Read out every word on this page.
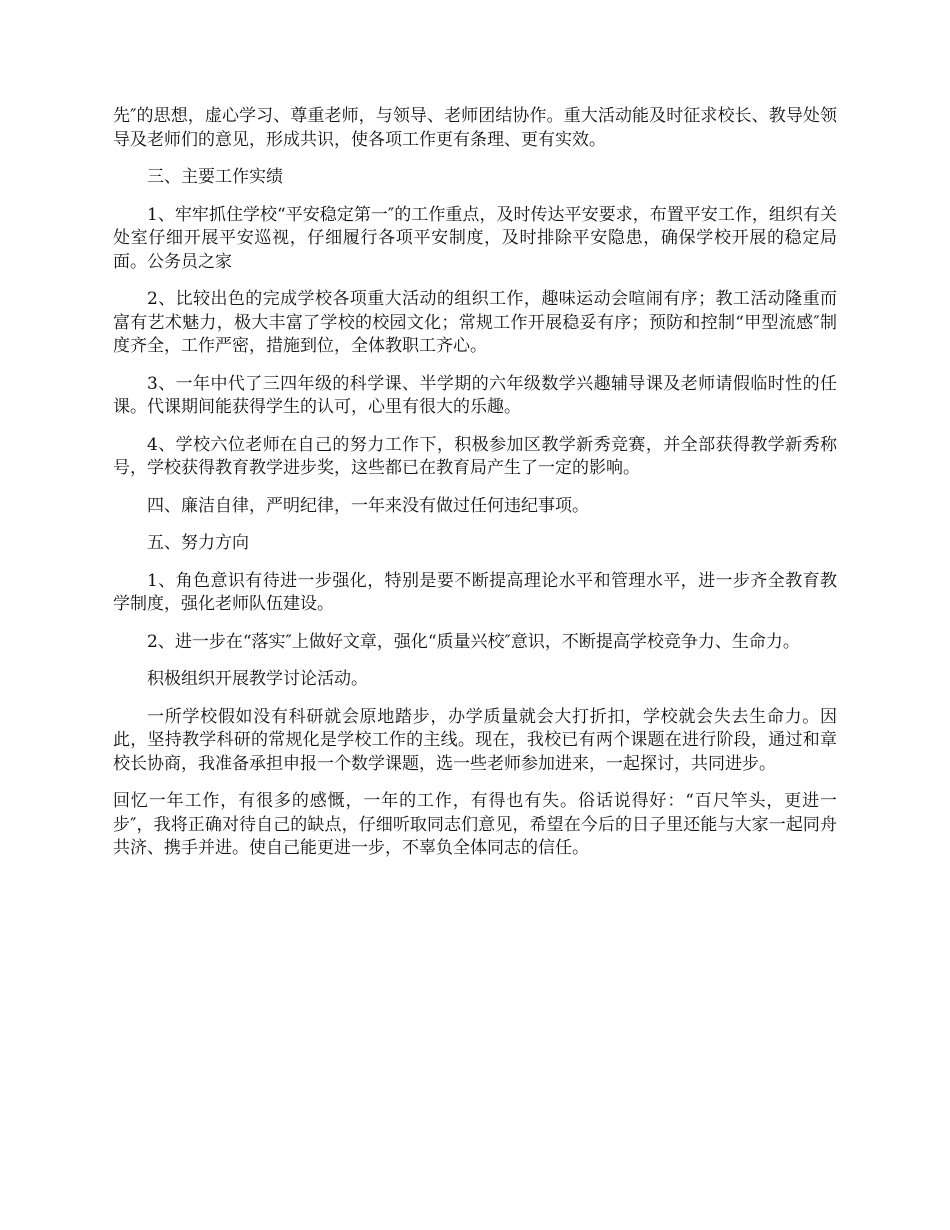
先″的思想，虚心学习、尊重老师，与领导、老师团结协作。重大活动能及时征求校长、教导处领导及老师们的意见，形成共识，使各项工作更有条理、更有实效。

三、主要工作实绩

1、牢牢抓住学校“平安稳定第一″的工作重点，及时传达平安要求，布置平安工作，组织有关处室仔细开展平安巡视，仔细履行各项平安制度，及时排除平安隐患，确保学校开展的稳定局面。公务员之家

2、比较出色的完成学校各项重大活动的组织工作，趣味运动会喧闹有序；教工活动隆重而富有艺术魅力，极大丰富了学校的校园文化；常规工作开展稳妥有序；预防和控制“甲型流感″制度齐全，工作严密，措施到位，全体教职工齐心。

3、一年中代了三四年级的科学课、半学期的六年级数学兴趣辅导课及老师请假临时性的任课。代课期间能获得学生的认可，心里有很大的乐趣。

4、学校六位老师在自己的努力工作下，积极参加区教学新秀竞赛，并全部获得教学新秀称号，学校获得教育教学进步奖，这些都已在教育局产生了一定的影响。

四、廉洁自律，严明纪律，一年来没有做过任何违纪事项。

五、努力方向

1、角色意识有待进一步强化，特别是要不断提高理论水平和管理水平，进一步齐全教育教学制度，强化老师队伍建设。

2、进一步在“落实″上做好文章，强化“质量兴校″意识，不断提高学校竞争力、生命力。

积极组织开展教学讨论活动。

一所学校假如没有科研就会原地踏步，办学质量就会大打折扣，学校就会失去生命力。因此，坚持教学科研的常规化是学校工作的主线。现在，我校已有两个课题在进行阶段，通过和章校长协商，我准备承担申报一个数学课题，选一些老师参加进来，一起探讨，共同进步。

回忆一年工作，有很多的感慨，一年的工作，有得也有失。俗话说得好：“百尺竿头，更进一步″，我将正确对待自己的缺点，仔细听取同志们意见，希望在今后的日子里还能与大家一起同舟共济、携手并进。使自己能更进一步，不辜负全体同志的信任。
